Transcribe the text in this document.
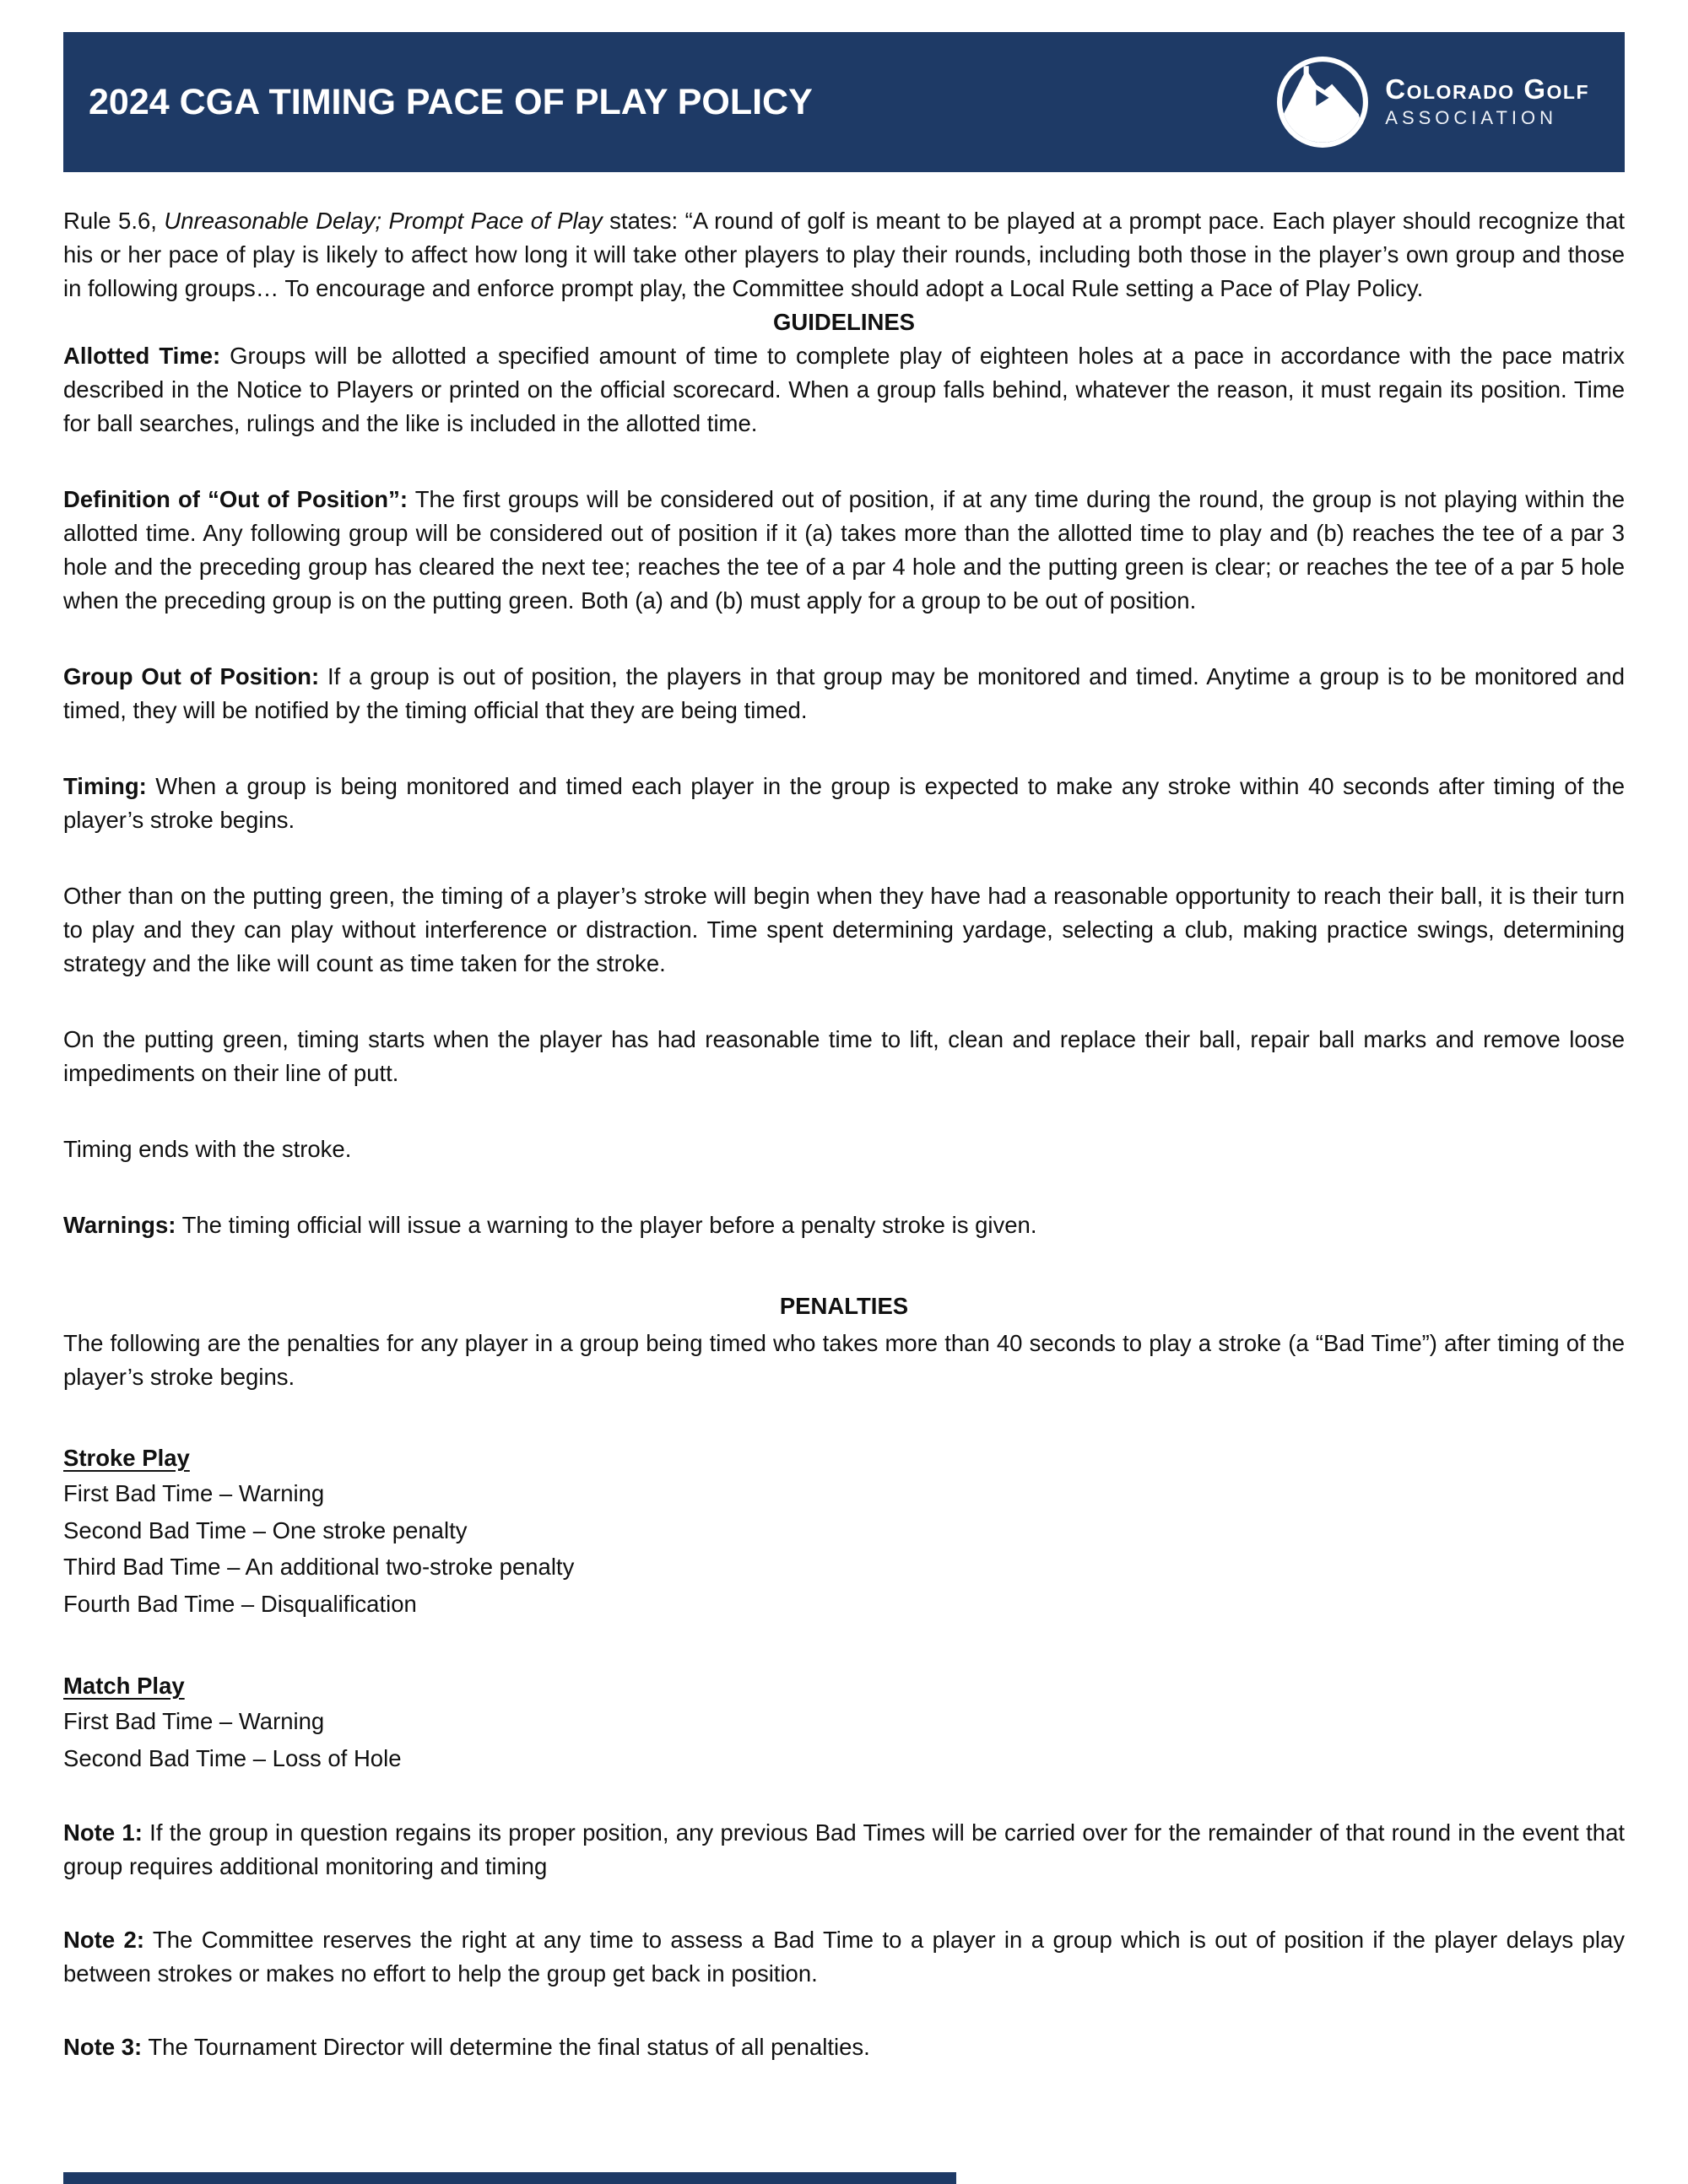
2024 CGA TIMING PACE OF PLAY POLICY	Colorado Golf
ASSOCIATION

Rule 5.6, Unreasonable Delay; Prompt Pace of Play states: “A round of golf is meant to be played at a prompt pace. Each player should recognize that his or her pace of play is likely to affect how long it will take other players to play their rounds, including both those in the player’s own group and those in following groups… To encourage and enforce prompt play, the Committee should adopt a Local Rule setting a Pace of Play Policy.

GUIDELINES

Allotted Time: Groups will be allotted a specified amount of time to complete play of eighteen holes at a pace in accordance with the pace matrix described in the Notice to Players or printed on the official scorecard. When a group falls behind, whatever the reason, it must regain its position. Time for ball searches, rulings and the like is included in the allotted time.

Definition of “Out of Position”: The first groups will be considered out of position, if at any time during the round, the group is not playing within the allotted time. Any following group will be considered out of position if it (a) takes more than the allotted time to play and (b) reaches the tee of a par 3 hole and the preceding group has cleared the next tee; reaches the tee of a par 4 hole and the putting green is clear; or reaches the tee of a par 5 hole when the preceding group is on the putting green. Both (a) and (b) must apply for a group to be out of position.

Group Out of Position: If a group is out of position, the players in that group may be monitored and timed. Anytime a group is to be monitored and timed, they will be notified by the timing official that they are being timed.

Timing: When a group is being monitored and timed each player in the group is expected to make any stroke within 40 seconds after timing of the player’s stroke begins.

Other than on the putting green, the timing of a player’s stroke will begin when they have had a reasonable opportunity to reach their ball, it is their turn to play and they can play without interference or distraction. Time spent determining yardage, selecting a club, making practice swings, determining strategy and the like will count as time taken for the stroke.

On the putting green, timing starts when the player has had reasonable time to lift, clean and replace their ball, repair ball marks and remove loose impediments on their line of putt.

Timing ends with the stroke.

Warnings: The timing official will issue a warning to the player before a penalty stroke is given.

PENALTIES

The following are the penalties for any player in a group being timed who takes more than 40 seconds to play a stroke (a “Bad Time”) after timing of the player’s stroke begins.

Stroke Play

First Bad Time – Warning
Second Bad Time – One stroke penalty
Third Bad Time – An additional two-stroke penalty
Fourth Bad Time – Disqualification

Match Play

First Bad Time – Warning
Second Bad Time – Loss of Hole

Note 1: If the group in question regains its proper position, any previous Bad Times will be carried over for the remainder of that round in the event that group requires additional monitoring and timing

Note 2: The Committee reserves the right at any time to assess a Bad Time to a player in a group which is out of position if the player delays play between strokes or makes no effort to help the group get back in position.

Note 3: The Tournament Director will determine the final status of all penalties.
